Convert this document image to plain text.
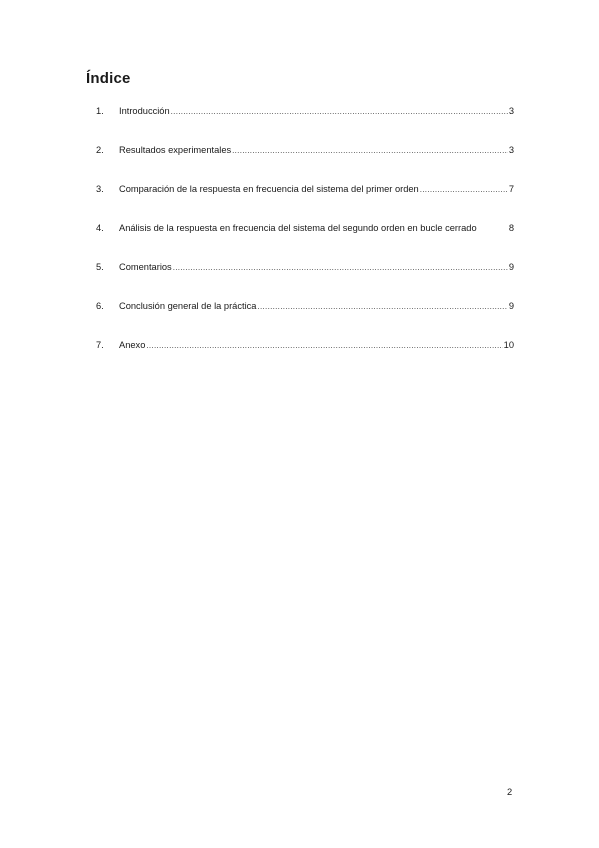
Índice
1.	Introducción .....	3
2.	Resultados experimentales .....	3
3.	Comparación de la respuesta en frecuencia del sistema del primer orden .....	7
4.	Análisis de la respuesta en frecuencia del sistema del segundo orden en bucle cerrado	8
5.	Comentarios .....	9
6.	Conclusión general de la práctica .....	9
7.	Anexo .....	10
2
